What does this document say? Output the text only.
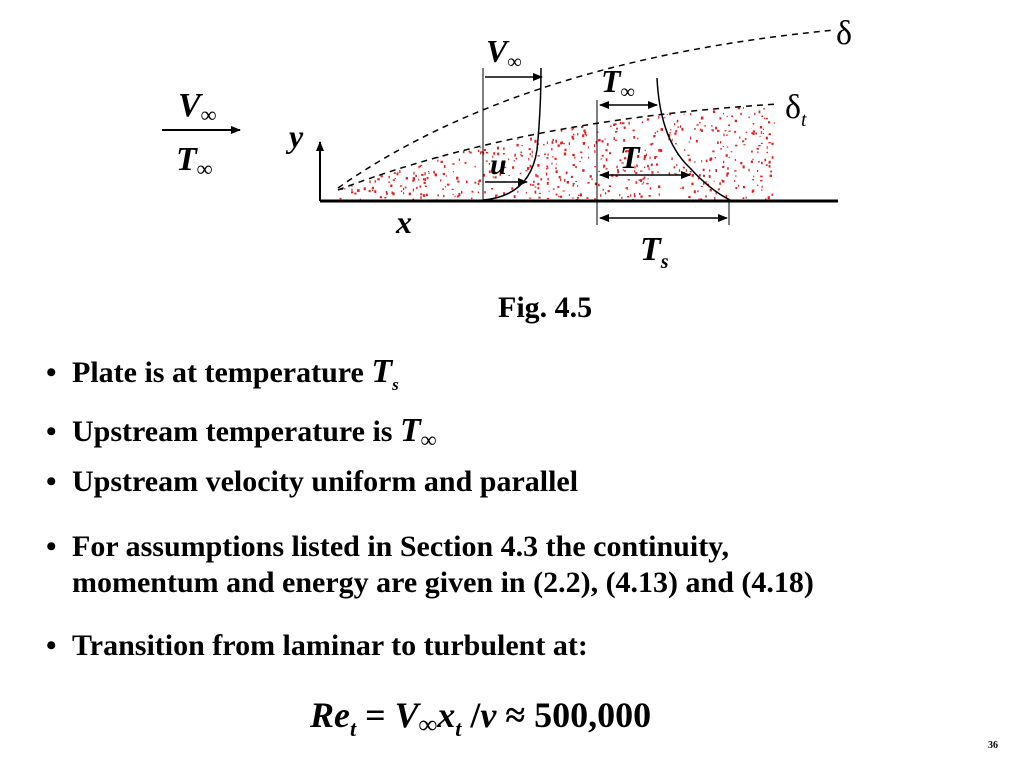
V∞
T∞
y
x
V∞
u
T∞
T
$T_s$
δ
$\delta_t$
Fig. 4.5
• Plate is at temperature $T_s$
• Upstream temperature is $T_\infty$
• Upstream velocity uniform and parallel
• For assumptions listed in Section 4.3 the continuity,
momentum and energy are given in (2.2), (4.13) and (4.18)
• Transition from laminar to turbulent at:
$Re_t = V\infty x_t$ /ν ≈ 500,000
36
